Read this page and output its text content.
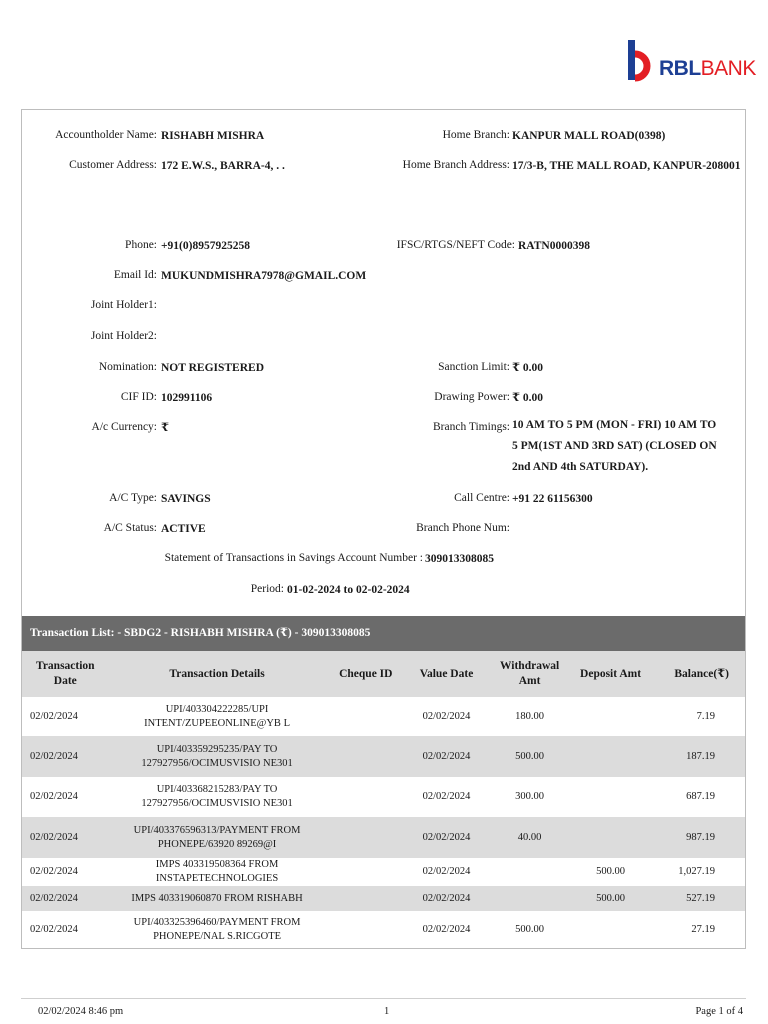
RBLBANK
Accountholder Name: RISHABH MISHRA	Home Branch: KANPUR MALL ROAD(0398)
Customer Address: 172 E.W.S., BARRA-4, . .	Home Branch Address: 17/3-B, THE MALL ROAD, KANPUR-208001
Phone: +91(0)8957925258	IFSC/RTGS/NEFT Code: RATN0000398
Email Id: MUKUNDMISHRA7978@GMAIL.COM
Joint Holder1:
Joint Holder2:
Nomination: NOT REGISTERED	Sanction Limit: ₹ 0.00
CIF ID: 102991106	Drawing Power: ₹ 0.00
A/c Currency: ₹	Branch Timings: 10 AM TO 5 PM (MON - FRI) 10 AM TO 5 PM(1ST AND 3RD SAT) (CLOSED ON 2nd AND 4th SATURDAY).
A/C Type: SAVINGS	Call Centre: +91 22 61156300
A/C Status: ACTIVE	Branch Phone Num:
Statement of Transactions in Savings Account Number : 309013308085
Period: 01-02-2024 to 02-02-2024
Transaction List: - SBDG2 - RISHABH MISHRA (₹) - 309013308085
Transaction Date	Transaction Details	Cheque ID	Value Date	Withdrawal Amt	Deposit Amt	Balance(₹)
02/02/2024	UPI/403304222285/UPI INTENT/ZUPEEONLINE@YB L		02/02/2024	180.00		7.19
02/02/2024	UPI/403359295235/PAY TO 127927956/OCIMUSVISIO NE301		02/02/2024	500.00		187.19
02/02/2024	UPI/403368215283/PAY TO 127927956/OCIMUSVISIO NE301		02/02/2024	300.00		687.19
02/02/2024	UPI/403376596313/PAYMENT FROM PHONEPE/63920 89269@I		02/02/2024	40.00		987.19
02/02/2024	IMPS 403319508364 FROM INSTAPETECHNOLOGIES		02/02/2024		500.00	1,027.19
02/02/2024	IMPS 403319060870 FROM RISHABH		02/02/2024		500.00	527.19
02/02/2024	UPI/403325396460/PAYMENT FROM PHONEPE/NAL S.RICGOTE		02/02/2024	500.00		27.19
02/02/2024 8:46 pm	1	Page 1 of 4
